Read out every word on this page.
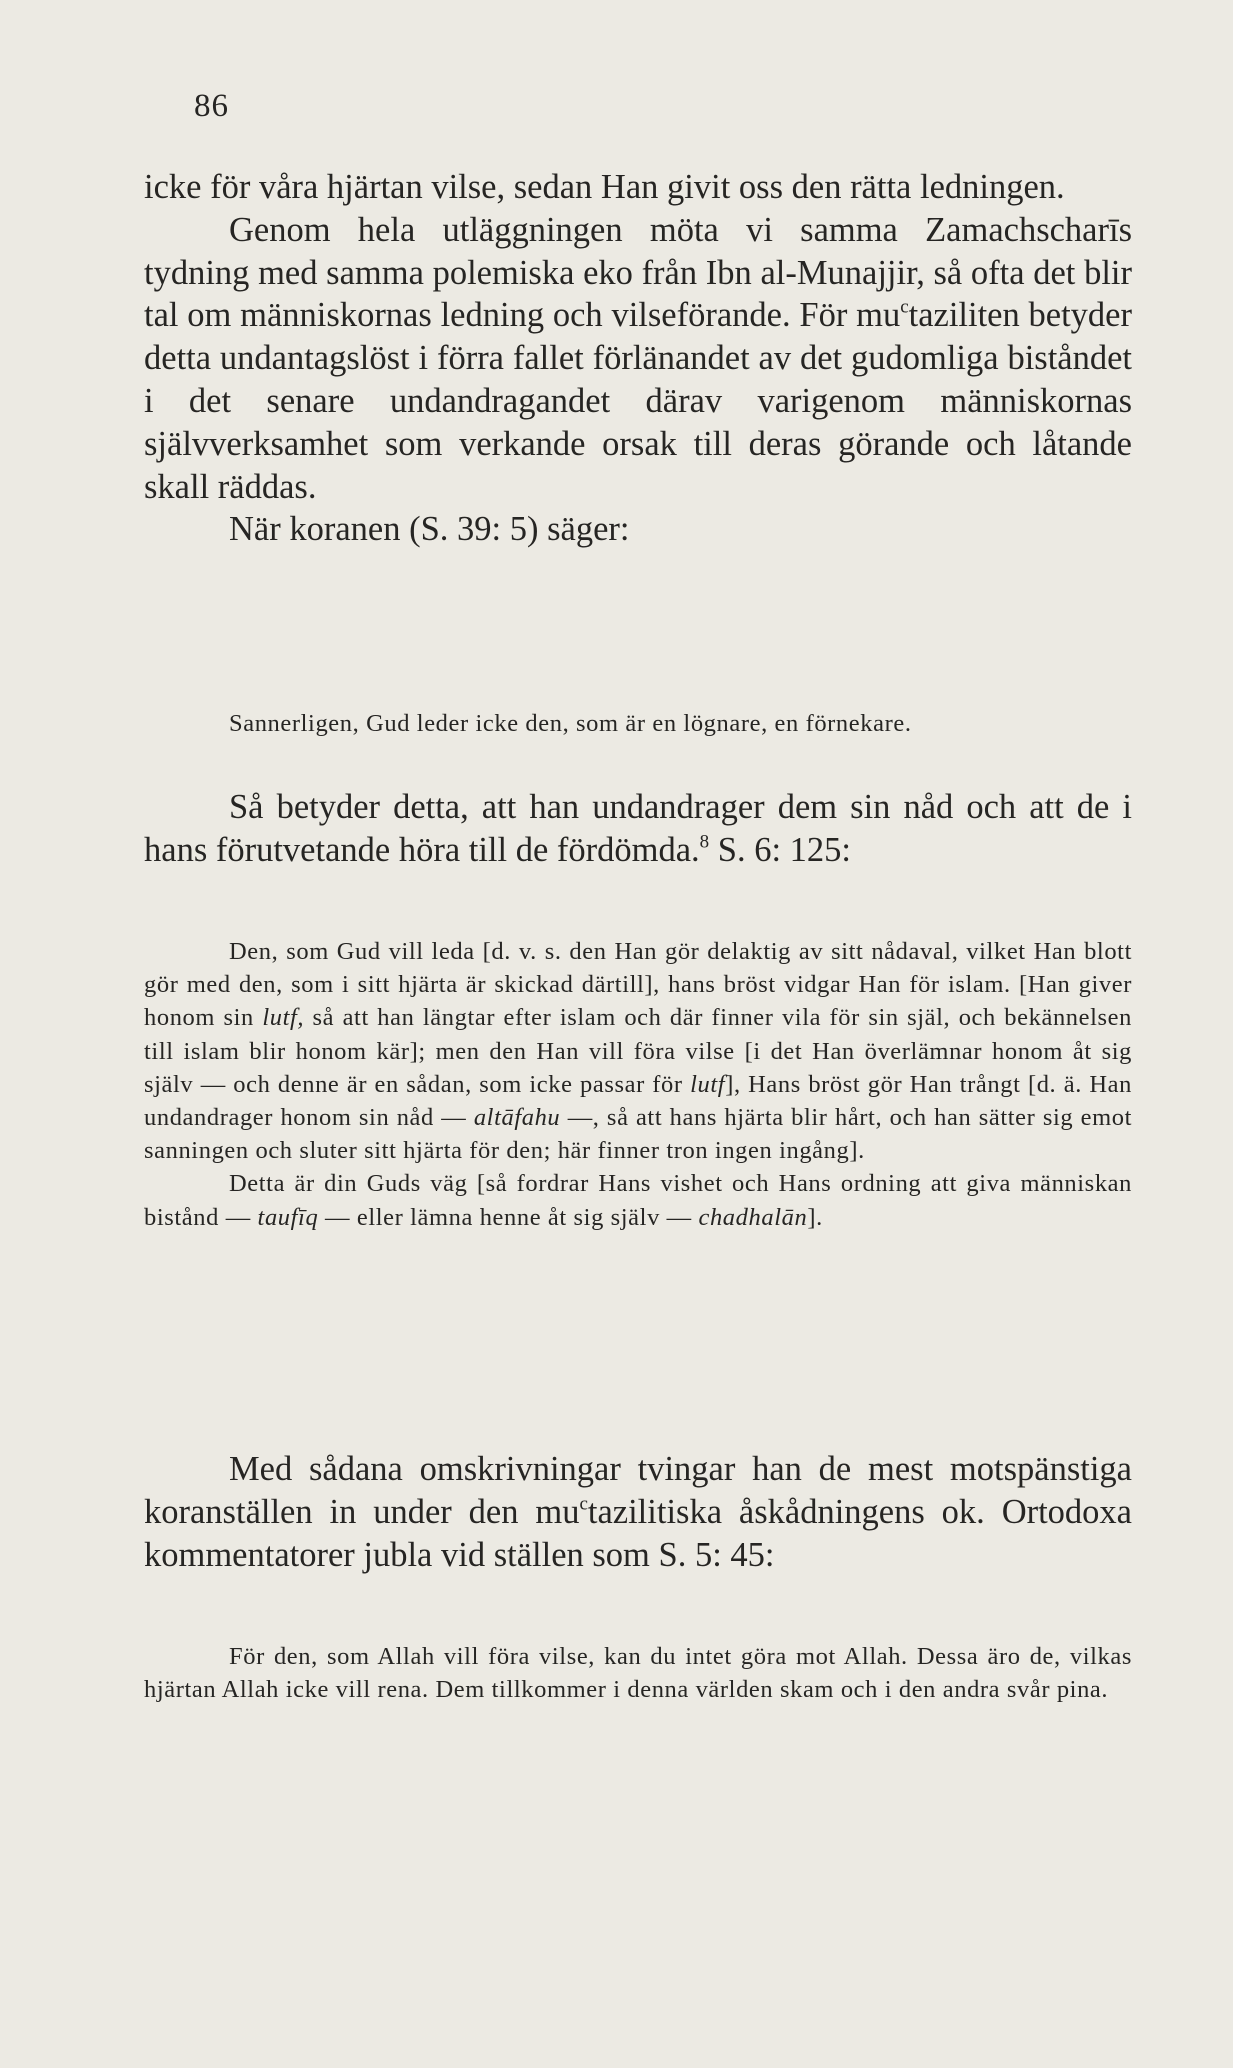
86

icke för våra hjärtan vilse, sedan Han givit oss den rätta ledningen.

Genom hela utläggningen möta vi samma Zamachscharīs tydning med samma polemiska eko från Ibn al-Munajjir, så ofta det blir tal om människornas ledning och vilseförande. För $mu^ctaziliten$ betyder detta undantagslöst i förra fallet förlänandet av det gudomliga biståndet i det senare undandragandet därav varigenom människornas självverksamhet som verkande orsak till deras görande och låtande skall räddas.

När koranen (S. 39: 5) säger:

Sannerligen, Gud leder icke den, som är en lögnare, en förnekare.

Så betyder detta, att han undandrager dem sin nåd och att de i hans förutvetande höra till de fördömda.$^8$ S. 6: 125:

Den, som Gud vill leda [d. v. s. den Han gör delaktig av sitt nådaval, vilket Han blott gör med den, som i sitt hjärta är skickad därtill], hans bröst vidgar Han för islam. [Han giver honom sin lutf, så att han längtar efter islam och där finner vila för sin själ, och bekännelsen till islam blir honom kär]; men den Han vill föra vilse [i det Han överlämnar honom åt sig själv — och denne är en sådan, som icke passar för lutf], Hans bröst gör Han trångt [d. ä. Han undandrager honom sin nåd — altāfahu —, så att hans hjärta blir hårt, och han sätter sig emot sanningen och sluter sitt hjärta för den; här finner tron ingen ingång].

Detta är din Guds väg [så fordrar Hans vishet och Hans ordning att giva människan bistånd — taufīq — eller lämna henne åt sig själv — chadhalān].

Med sådana omskrivningar tvingar han de mest motspänstiga koranställen in under den $mu^ctazilitiska$ åskådningens ok. Ortodoxa kommentatorer jubla vid ställen som S. 5: 45:

För den, som Allah vill föra vilse, kan du intet göra mot Allah. Dessa äro de, vilkas hjärtan Allah icke vill rena. Dem tillkommer i denna världen skam och i den andra svår pina.
